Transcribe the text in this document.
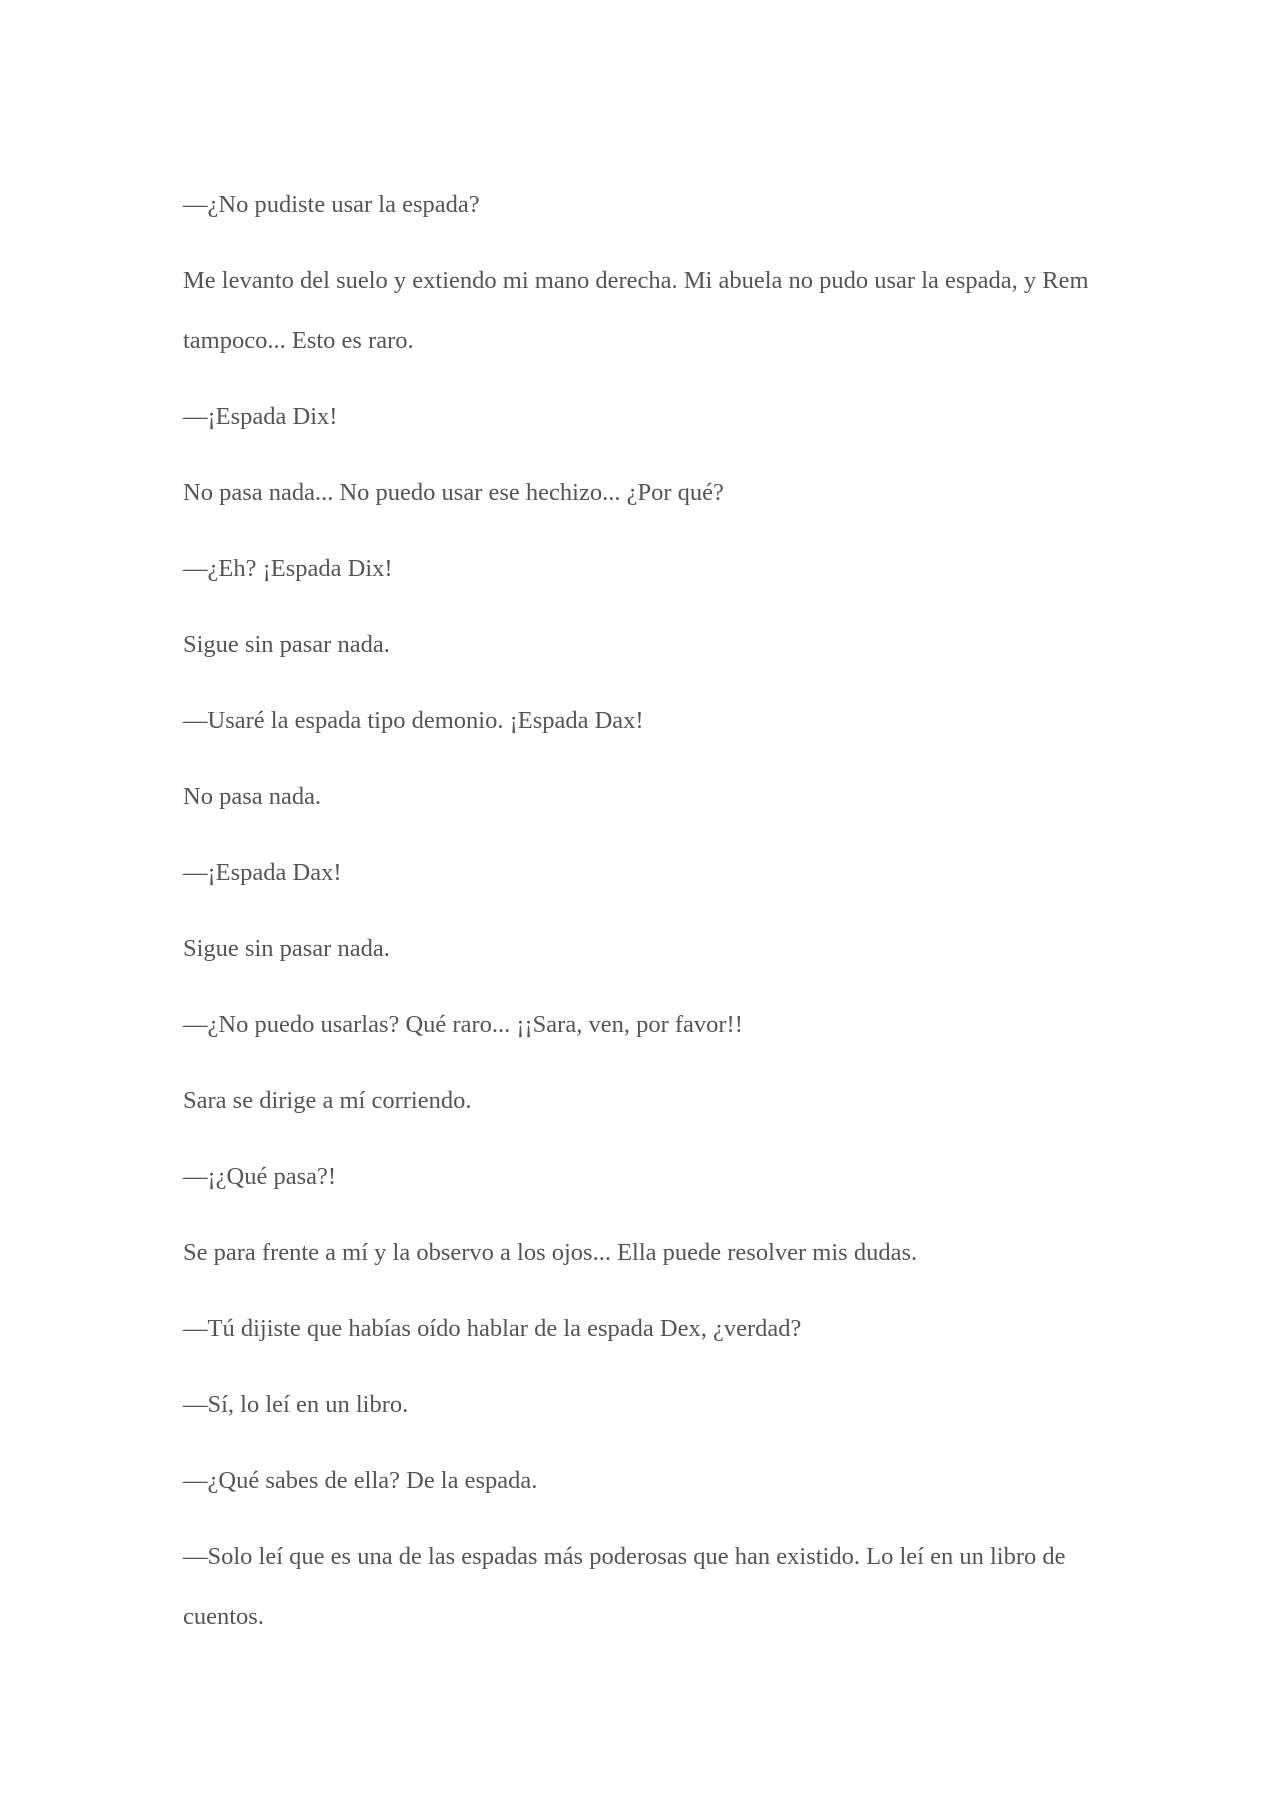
—¿No pudiste usar la espada?

Me levanto del suelo y extiendo mi mano derecha. Mi abuela no pudo usar la espada, y Rem tampoco... Esto es raro.

—¡Espada Dix!

No pasa nada... No puedo usar ese hechizo... ¿Por qué?

—¿Eh? ¡Espada Dix!

Sigue sin pasar nada.

—Usaré la espada tipo demonio. ¡Espada Dax!

No pasa nada.

—¡Espada Dax!

Sigue sin pasar nada.

—¿No puedo usarlas? Qué raro... ¡¡Sara, ven, por favor!!

Sara se dirige a mí corriendo.

—¡¿Qué pasa?!

Se para frente a mí y la observo a los ojos... Ella puede resolver mis dudas.

—Tú dijiste que habías oído hablar de la espada Dex, ¿verdad?

—Sí, lo leí en un libro.

—¿Qué sabes de ella? De la espada.

—Solo leí que es una de las espadas más poderosas que han existido. Lo leí en un libro de cuentos.
